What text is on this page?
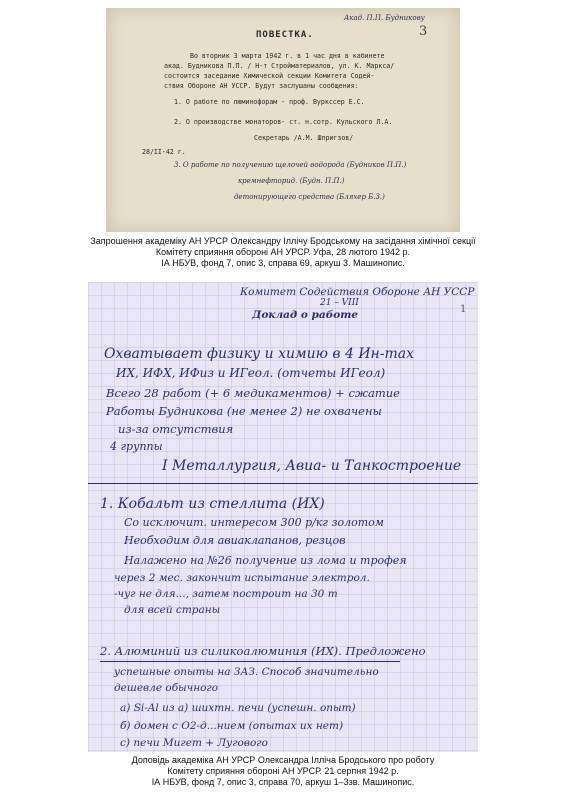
Акад. П.П. Будникову
3
ПОВЕСТКА.
Во вторник 3 марта 1942 г. в 1 час дня в кабинете
акад. Будникова П.П. / Н-т Стройматериалов, ул. К. Маркса/
состоится заседание Химической секции Комитета Содей-
ствия Обороне АН УССР. Будут заслушаны сообщения:
1. О работе по люминофорам - проф. Вуркссер Е.С.
2. О производстве монаторов- ст. н.сотр. Кульского Л.А.
Секретарь /А.М. Шпригзов/
28/II-42 г.
3. О работе по получению щелочей водорода (Будников П.П.)
кремнефторид. (Будн. П.П.)
детонирующего средства (Бляхер Б.З.)
Запрошення академіку АН УРСР Олександру Іллічу Бродському на засідання хімічної секції
Комітету сприяння обороні АН УРСР. Уфа, 28 лютого 1942 р.
ІА НБУВ, фонд 7, опис 3, справа 69, аркуш 3. Машинопис.
1
Комитет Содействия Обороне АН УССР
21 – VIII
Доклад о работе
Охватывает физику и химию в 4 Ин-тах
ИХ, ИФХ, ИФиз и ИГеол. (отчеты ИГеол)
Всего 28 работ (+ 6 медикаментов) + сжатие
Работы Будникова (не менее 2) не охвачены
из-за отсутствия
4 группы
I Металлургия, Авиа- и Танкостроение
1. Кобальт из стеллита (ИХ)
Со исключит. интересом 300 р/кг золотом
Необходим для авиаклапанов, резцов
Налажено на №26 получение из лома и трофея
через 2 мес. закончит испытание электрол.
-чуг не для..., затем построит на 30 т
для всей страны
2. Алюминий из силикоалюминия (ИХ). Предложено
успешные опыты на ЗАЗ. Способ значительно
дешевле обычного
а) Si-Al из а) шихтн. печи (успешн. опыт)
б) домен с O2-д...нием (опытах их нет)
с) печи Мигет + Лугового
Доповідь академіка АН УРСР Олександра Ілліча Бродського про роботу
Комітету сприяння обороні АН УРСР. 21 серпня 1942 р.
ІА НБУВ, фонд 7, опис 3, справа 70, аркуш 1–3зв. Машинопис.
